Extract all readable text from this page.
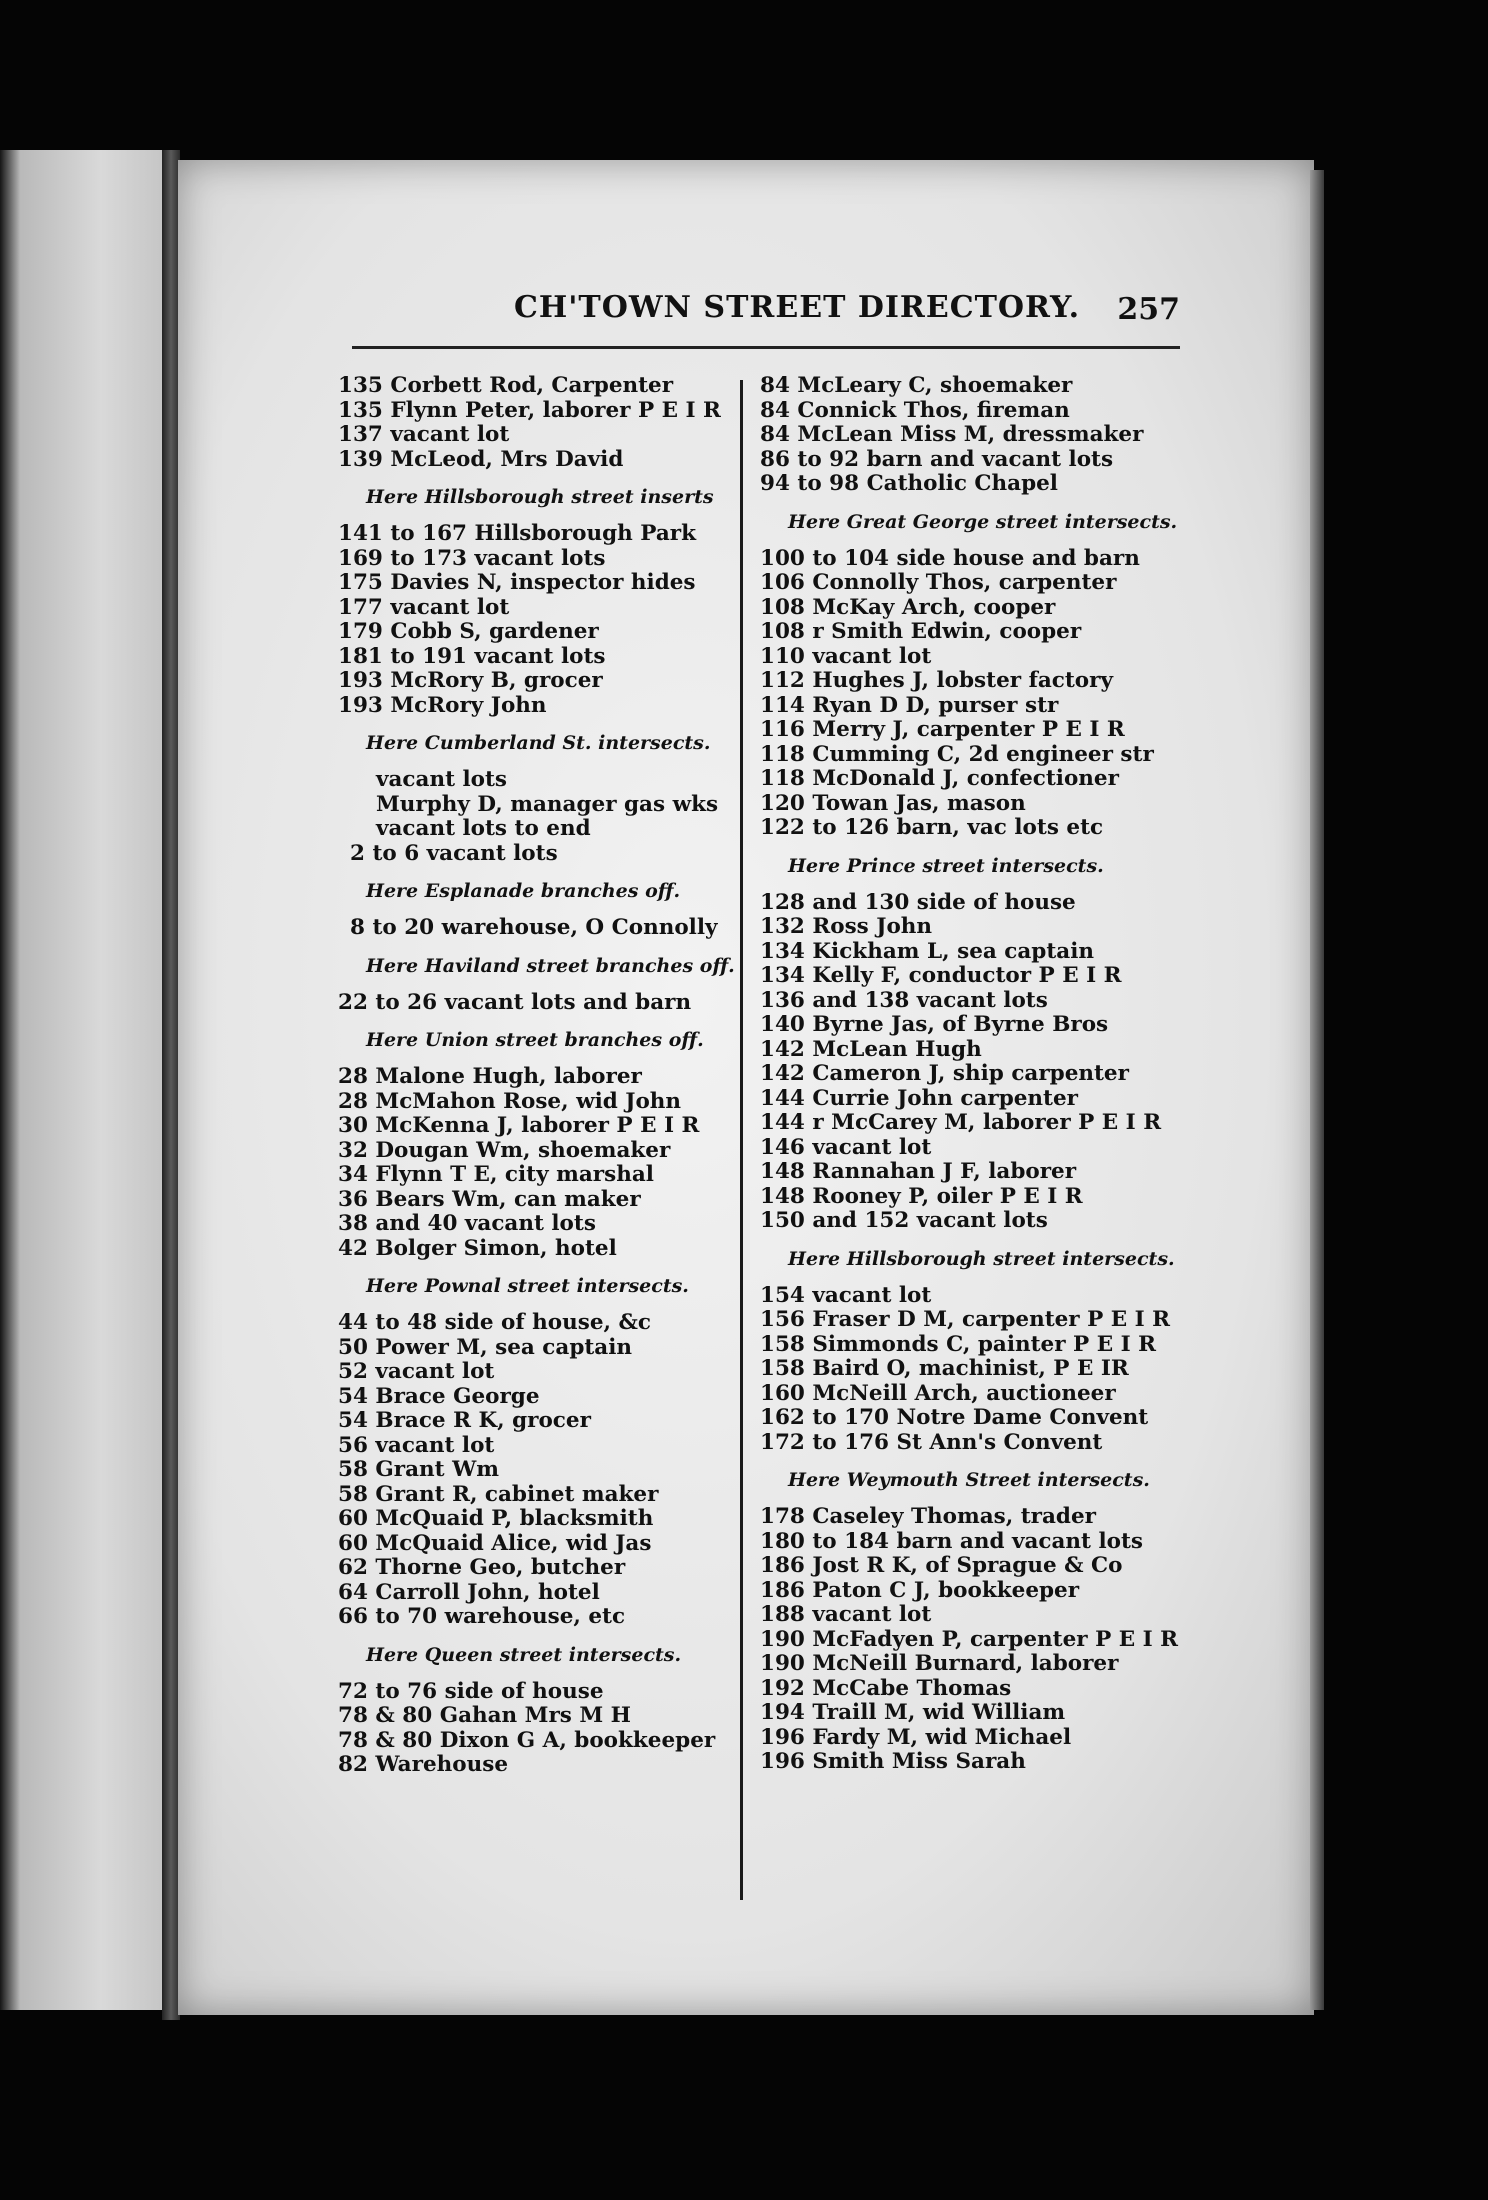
CH'TOWN STREET DIRECTORY. 257
135 Corbett Rod, Carpenter
135 Flynn Peter, laborer P E I R
137 vacant lot
139 McLeod, Mrs David
Here Hillsborough street inserts
141 to 167 Hillsborough Park
169 to 173 vacant lots
175 Davies N, inspector hides
177 vacant lot
179 Cobb S, gardener
181 to 191 vacant lots
193 McRory B, grocer
193 McRory John
Here Cumberland St. intersects.
vacant lots
Murphy D, manager gas wks
vacant lots to end
2 to 6 vacant lots
Here Esplanade branches off.
8 to 20 warehouse, O Connolly
Here Haviland street branches off.
22 to 26 vacant lots and barn
Here Union street branches off.
28 Malone Hugh, laborer
28 McMahon Rose, wid John
30 McKenna J, laborer P E I R
32 Dougan Wm, shoemaker
34 Flynn T E, city marshal
36 Bears Wm, can maker
38 and 40 vacant lots
42 Bolger Simon, hotel
Here Pownal street intersects.
44 to 48 side of house, &c
50 Power M, sea captain
52 vacant lot
54 Brace George
54 Brace R K, grocer
56 vacant lot
58 Grant Wm
58 Grant R, cabinet maker
60 McQuaid P, blacksmith
60 McQuaid Alice, wid Jas
62 Thorne Geo, butcher
64 Carroll John, hotel
66 to 70 warehouse, etc
Here Queen street intersects.
72 to 76 side of house
78 & 80 Gahan Mrs M H
78 & 80 Dixon G A, bookkeeper
82 Warehouse
84 McLeary C, shoemaker
84 Connick Thos, fireman
84 McLean Miss M, dressmaker
86 to 92 barn and vacant lots
94 to 98 Catholic Chapel
Here Great George street intersects.
100 to 104 side house and barn
106 Connolly Thos, carpenter
108 McKay Arch, cooper
108 r Smith Edwin, cooper
110 vacant lot
112 Hughes J, lobster factory
114 Ryan D D, purser str
116 Merry J, carpenter P E I R
118 Cumming C, 2d engineer str
118 McDonald J, confectioner
120 Towan Jas, mason
122 to 126 barn, vac lots etc
Here Prince street intersects.
128 and 130 side of house
132 Ross John
134 Kickham L, sea captain
134 Kelly F, conductor P E I R
136 and 138 vacant lots
140 Byrne Jas, of Byrne Bros
142 McLean Hugh
142 Cameron J, ship carpenter
144 Currie John carpenter
144 r McCarey M, laborer P E I R
146 vacant lot
148 Rannahan J F, laborer
148 Rooney P, oiler P E I R
150 and 152 vacant lots
Here Hillsborough street intersects.
154 vacant lot
156 Fraser D M, carpenter P E I R
158 Simmonds C, painter P E I R
158 Baird O, machinist, P E IR
160 McNeill Arch, auctioneer
162 to 170 Notre Dame Convent
172 to 176 St Ann's Convent
Here Weymouth Street intersects.
178 Caseley Thomas, trader
180 to 184 barn and vacant lots
186 Jost R K, of Sprague & Co
186 Paton C J, bookkeeper
188 vacant lot
190 McFadyen P, carpenter P E I R
190 McNeill Burnard, laborer
192 McCabe Thomas
194 Traill M, wid William
196 Fardy M, wid Michael
196 Smith Miss Sarah
